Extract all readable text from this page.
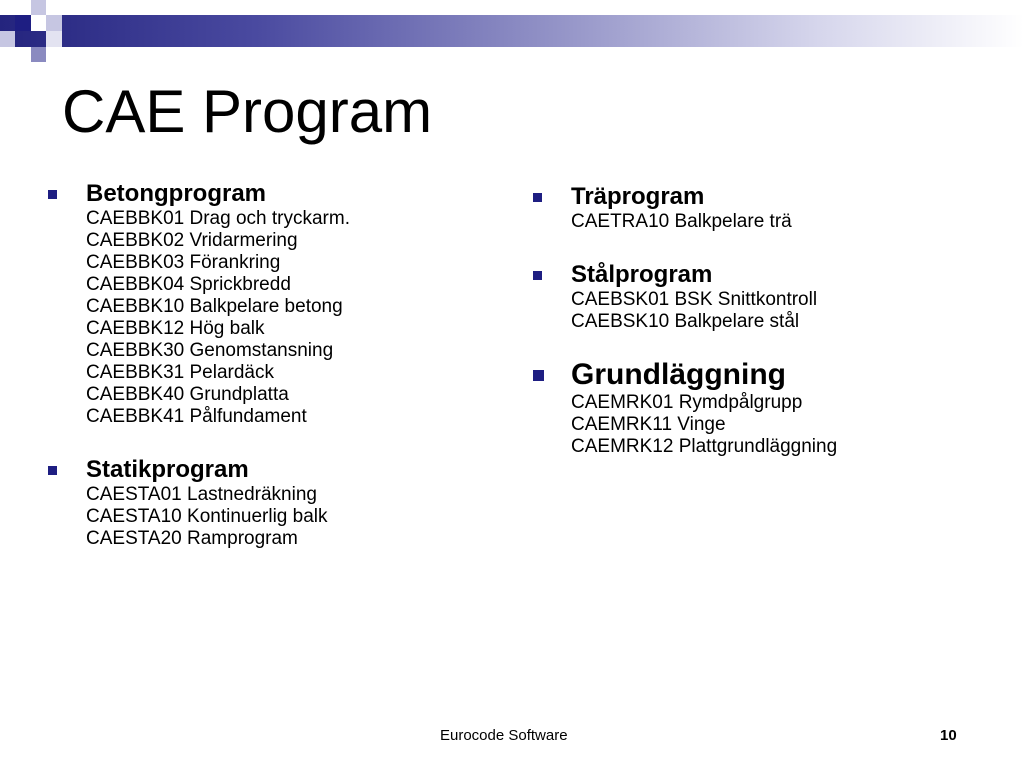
CAE Program
Betongprogram
CAEBBK01 Drag och tryckarm.
CAEBBK02 Vridarmering
CAEBBK03 Förankring
CAEBBK04 Sprickbredd
CAEBBK10 Balkpelare betong
CAEBBK12 Hög balk
CAEBBK30 Genomstansning
CAEBBK31 Pelardäck
CAEBBK40 Grundplatta
CAEBBK41 Pålfundament
Statikprogram
CAESTA01 Lastnedräkning
CAESTA10 Kontinuerlig balk
CAESTA20 Ramprogram
Träprogram
CAETRA10 Balkpelare trä
Stålprogram
CAEBSK01 BSK Snittkontroll
CAEBSK10 Balkpelare stål
Grundläggning
CAEMRK01 Rymdpålgrupp
CAEMRK11 Vinge
CAEMRK12 Plattgrundläggning
Eurocode Software	10
